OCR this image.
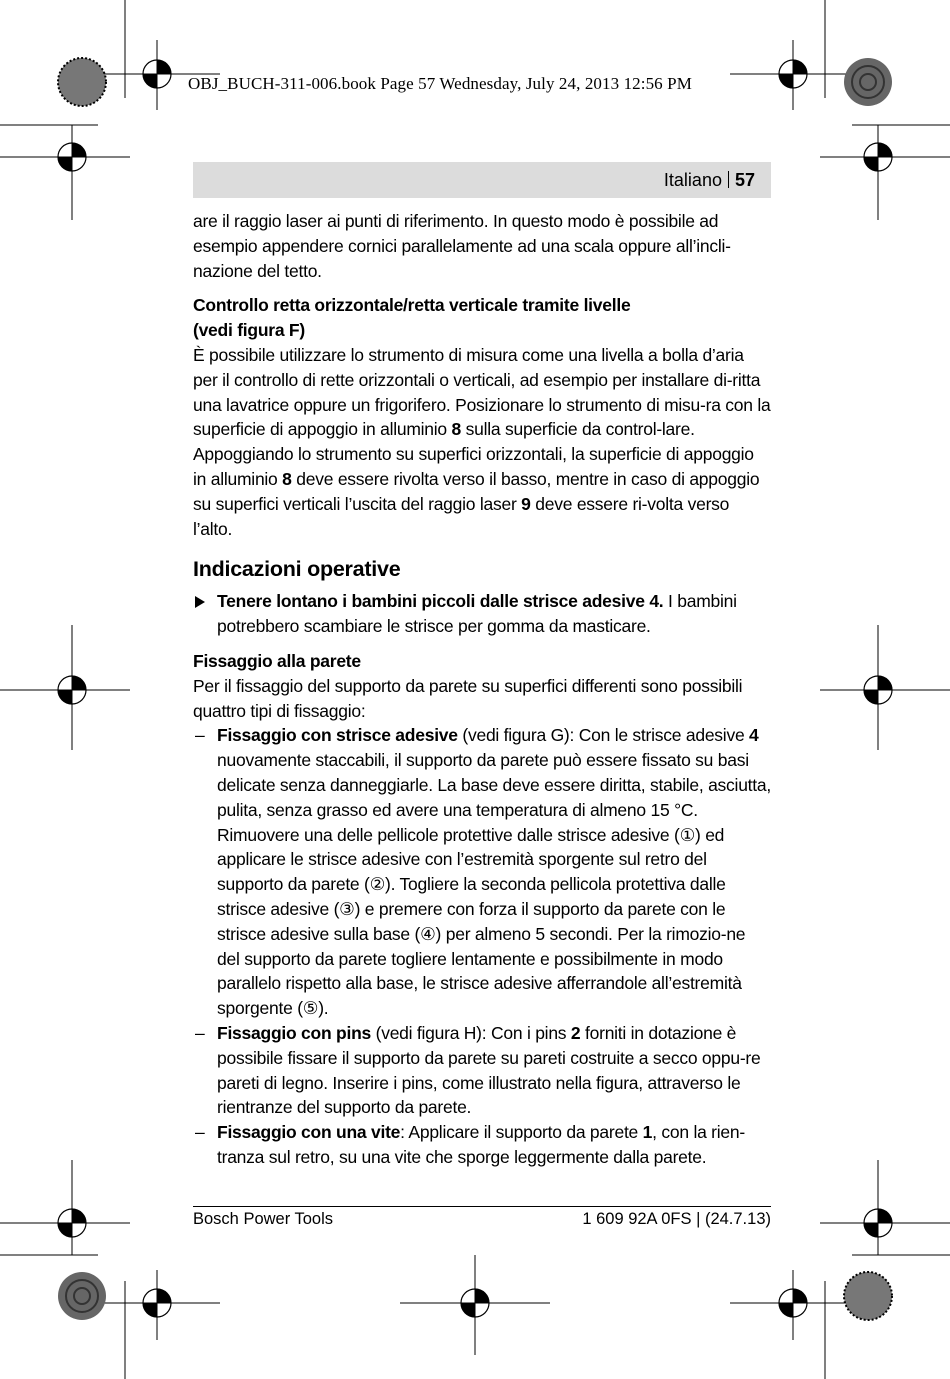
OBJ_BUCH-311-006.book Page 57 Wednesday, July 24, 2013 12:56 PM
Italiano 57

are il raggio laser ai punti di riferimento. In questo modo è possibile ad esempio appendere cornici parallelamente ad una scala oppure all’incli-nazione del tetto.

Controllo retta orizzontale/retta verticale tramite livelle
(vedi figura F)

È possibile utilizzare lo strumento di misura come una livella a bolla d’aria per il controllo di rette orizzontali o verticali, ad esempio per installare di-ritta una lavatrice oppure un frigorifero. Posizionare lo strumento di misu-ra con la superficie di appoggio in alluminio 8 sulla superficie da control-lare. Appoggiando lo strumento su superfici orizzontali, la superficie di appoggio in alluminio 8 deve essere rivolta verso il basso, mentre in caso di appoggio su superfici verticali l’uscita del raggio laser 9 deve essere ri-volta verso l’alto.

Indicazioni operative

Tenere lontano i bambini piccoli dalle strisce adesive 4. I bambini potrebbero scambiare le strisce per gomma da masticare.

Fissaggio alla parete

Per il fissaggio del supporto da parete su superfici differenti sono possibili quattro tipi di fissaggio:

– Fissaggio con strisce adesive (vedi figura G): Con le strisce adesive 4 nuovamente staccabili, il supporto da parete può essere fissato su basi delicate senza danneggiarle. La base deve essere diritta, stabile, asciutta, pulita, senza grasso ed avere una temperatura di almeno 15 °C. Rimuovere una delle pellicole protettive dalle strisce adesive (①) ed applicare le strisce adesive con l’estremità sporgente sul retro del supporto da parete (②). Togliere la seconda pellicola protettiva dalle strisce adesive (③) e premere con forza il supporto da parete con le strisce adesive sulla base (④) per almeno 5 secondi. Per la rimozio-ne del supporto da parete togliere lentamente e possibilmente in modo parallelo rispetto alla base, le strisce adesive afferrandole all’estremità sporgente (⑤).

– Fissaggio con pins (vedi figura H): Con i pins 2 forniti in dotazione è possibile fissare il supporto da parete su pareti costruite a secco oppu-re pareti di legno. Inserire i pins, come illustrato nella figura, attraverso le rientranze del supporto da parete.

– Fissaggio con una vite: Applicare il supporto da parete 1, con la rien-tranza sul retro, su una vite che sporge leggermente dalla parete.

Bosch Power Tools	1 609 92A 0FS | (24.7.13)
